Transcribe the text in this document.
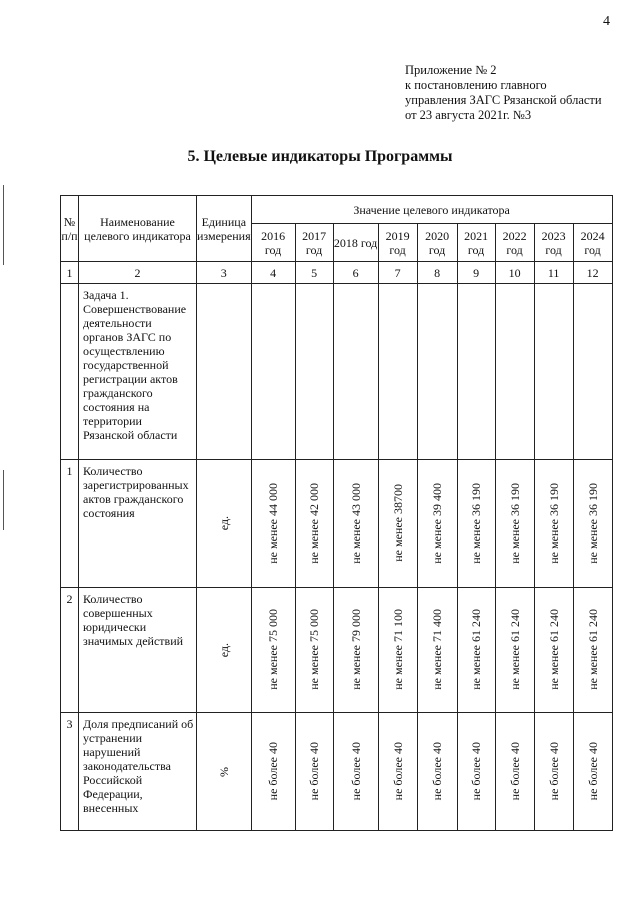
4
Приложение № 2
к постановлению главного
управления ЗАГС Рязанской области
от 23 августа 2021г. №3
5. Целевые индикаторы Программы
№ п/п	Наименование целевого индикатора	Единица измерения	Значение целевого индикатора								
			2016 год	2017 год	2018 год	2019 год	2020 год	2021 год	2022 год	2023 год	2024 год
1	2	3	4	5	6	7	8	9	10	11	12
	Задача 1. Совершенствование деятельности органов ЗАГС по осуществлению государственной регистрации актов гражданского состояния на территории Рязанской области										
1	Количество зарегистрированных актов гражданского состояния	ед.	не менее 44 000	не менее 42 000	не менее 43 000	не менее 38700	не менее 39 400	не менее 36 190	не менее 36 190	не менее 36 190	не менее 36 190

2	Количество совершенных юридически значимых действий	ед.	не менее 75 000	не менее 75 000	не менее 79 000	не менее 71 100	не менее 71 400	не менее 61 240	не менее 61 240	не менее 61 240	не менее 61 240

3	Доля предписаний об устранении нарушений законодательства Российской Федерации, внесенных	%	не более 40	не более 40	не более 40	не более 40	не более 40	не более 40	не более 40	не более 40	не более 40
